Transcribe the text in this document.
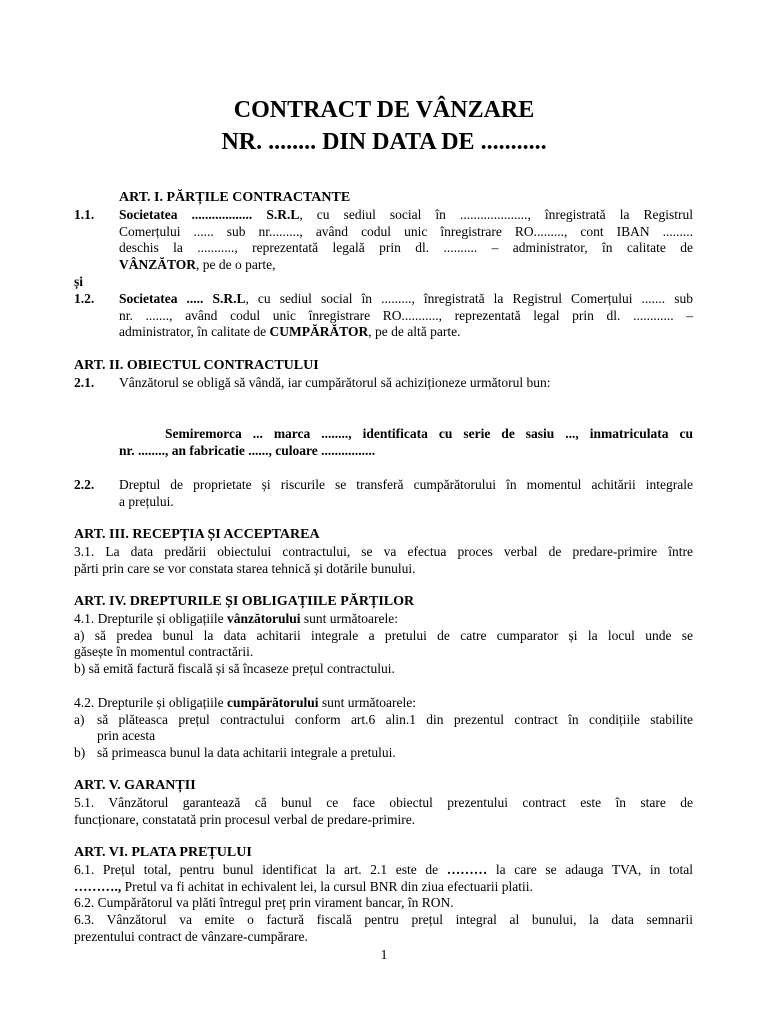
CONTRACT DE VÂNZARE
NR. ........ DIN DATA DE ...........
ART. I. PĂRȚILE CONTRACTANTE
1.1. Societatea .................. S.R.L, cu sediul social în ...................., înregistrată la Registrul
Comerțului ...... sub nr........., având codul unic înregistrare RO........., cont IBAN .........
deschis la ..........., reprezentată legală prin dl. .......... – administrator, în calitate de
VÂNZĂTOR, pe de o parte,
și
1.2. Societatea ..... S.R.L, cu sediul social în ........., înregistrată la Registrul Comerțului ....... sub
nr. ......., având codul unic înregistrare RO..........., reprezentată legal prin dl. ............ –
administrator, în calitate de CUMPĂRĂTOR, pe de altă parte.
ART. II. OBIECTUL CONTRACTULUI
2.1. Vânzătorul se obligă să vândă, iar cumpărătorul să achiziționeze următorul bun:
Semiremorca ... marca ........, identificata cu serie de sasiu ..., inmatriculata cu
nr. ........, an fabricatie ......, culoare ................
2.2. Dreptul de proprietate și riscurile se transferă cumpărătorului în momentul achitării integrale
a prețului.
ART. III. RECEPȚIA ȘI ACCEPTAREA
3.1. La data predării obiectului contractului, se va efectua proces verbal de predare-primire între
părti prin care se vor constata starea tehnică și dotările bunului.
ART. IV. DREPTURILE ȘI OBLIGAȚIILE PĂRȚILOR
4.1. Drepturile și obligațiile vânzătorului sunt următoarele:
a) să predea bunul la data achitarii integrale a pretului de catre cumparator și la locul unde se
găsește în momentul contractării.
b) să emită factură fiscală și să încaseze prețul contractului.
4.2. Drepturile și obligațiile cumpărătorului sunt următoarele:
a) să plăteasca prețul contractului conform art.6 alin.1 din prezentul contract în condițiile stabilite
prin acesta
b) să primeasca bunul la data achitarii integrale a pretului.
ART. V. GARANȚII
5.1. Vânzătorul garantează că bunul ce face obiectul prezentului contract este în stare de
funcționare, constatată prin procesul verbal de predare-primire.
ART. VI. PLATA PREȚULUI
6.1. Prețul total, pentru bunul identificat la art. 2.1 este de ……… la care se adauga TVA, in total
………., Pretul va fi achitat in echivalent lei, la cursul BNR din ziua efectuarii platii.
6.2. Cumpărătorul va plăti întregul preț prin virament bancar, în RON.
6.3. Vânzătorul va emite o factură fiscală pentru prețul integral al bunului, la data semnarii
prezentului contract de vânzare-cumpărare.
1
